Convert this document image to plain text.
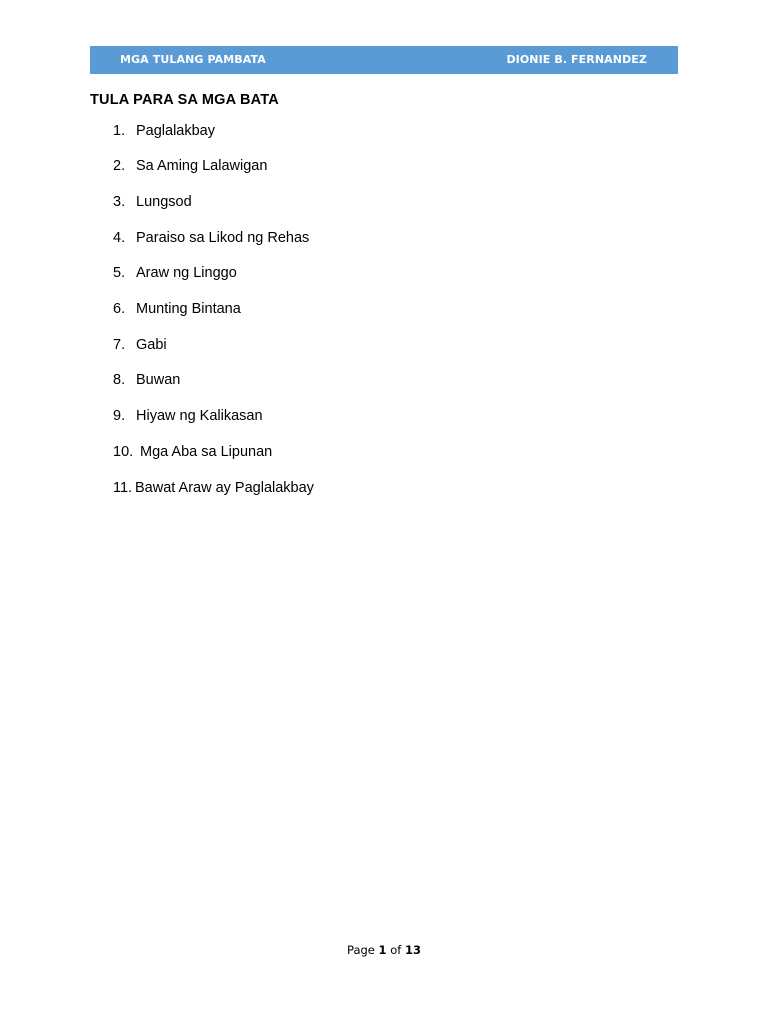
MGA TULANG PAMBATA	DIONIE B. FERNANDEZ
TULA PARA SA MGA BATA
1. Paglalakbay
2. Sa Aming Lalawigan
3. Lungsod
4. Paraiso sa Likod ng Rehas
5. Araw ng Linggo
6. Munting Bintana
7. Gabi
8. Buwan
9. Hiyaw ng Kalikasan
10. Mga Aba sa Lipunan
11. Bawat Araw ay Paglalakbay
Page 1 of 13
